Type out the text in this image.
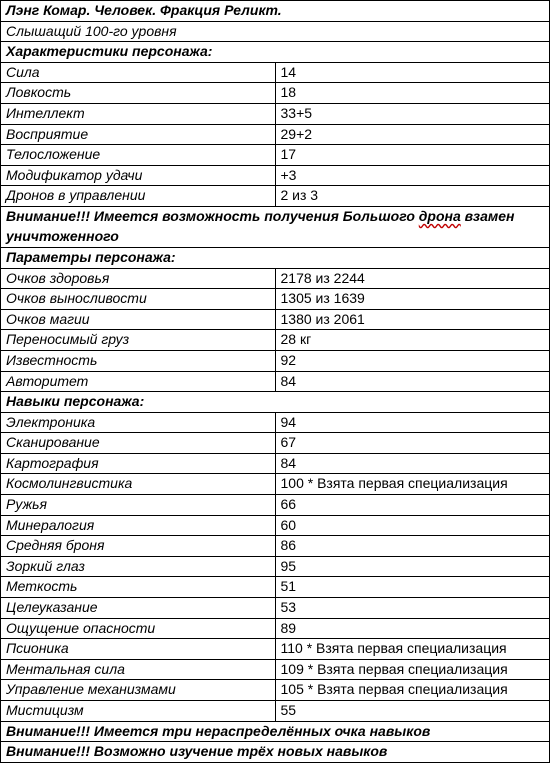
Лэнг Комар. Человек. Фракция Реликт.	
Слышащий 100-го уровня	
Характеристики персонажа:	
Сила	14
Ловкость	18
Интеллект	33+5
Восприятие	29+2
Телосложение	17
Модификатор удачи	+3
Дронов в управлении	2 из 3
Внимание!!! Имеется возможность получения Большого дрона взамен уничтоженного	
Параметры персонажа:	
Очков здоровья	2178 из 2244
Очков выносливости	1305 из 1639
Очков магии	1380 из 2061
Переносимый груз	28 кг
Известность	92
Авторитет	84
Навыки персонажа:	
Электроника	94
Сканирование	67
Картография	84
Космолингвистика	100 * Взята первая специализация
Ружья	66
Минералогия	60
Средняя броня	86
Зоркий глаз	95
Меткость	51
Целеуказание	53
Ощущение опасности	89
Псионика	110 * Взята первая специализация
Ментальная сила	109 * Взята первая специализация
Управление механизмами	105 * Взята первая специализация
Мистицизм	55
Внимание!!! Имеется три нераспределённых очка навыков	
Внимание!!! Возможно изучение трёх новых навыков	
